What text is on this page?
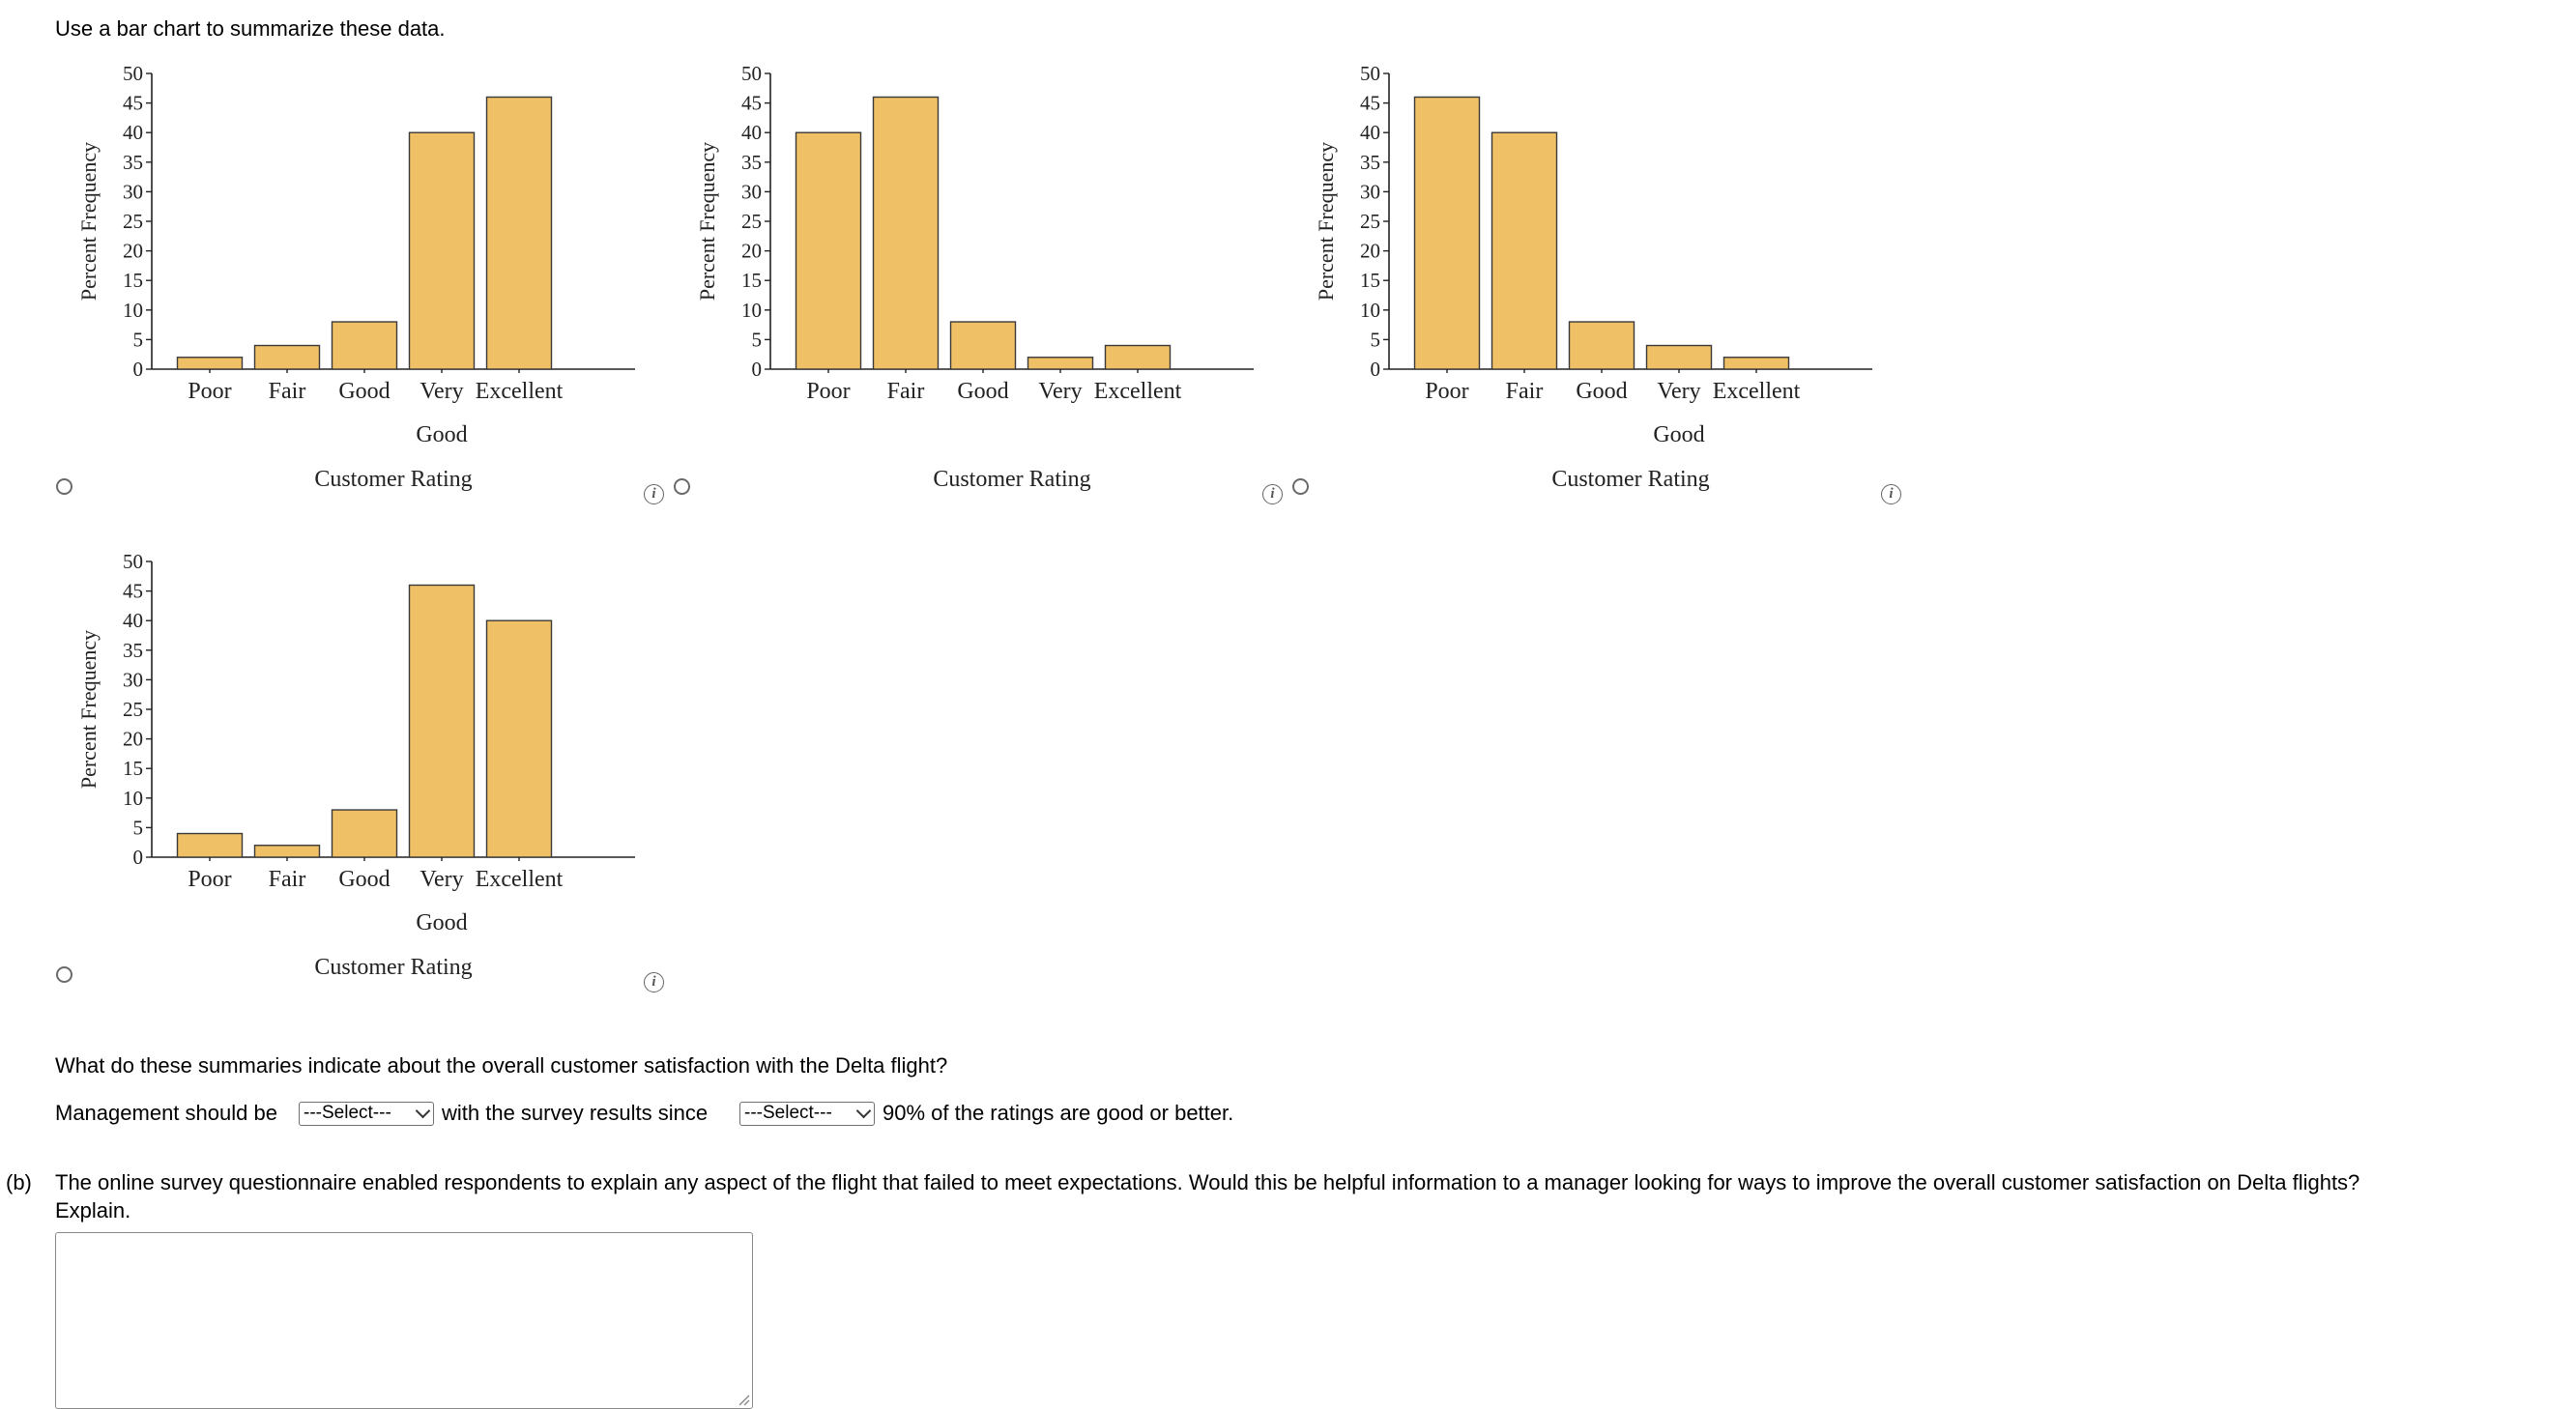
Use a bar chart to summarize these data.
0
5
10
15
20
25
30
35
40
45
50
Percent Frequency
Poor Fair Good Very
Good
Excellent
Customer Rating
0
5
10
15
20
25
30
35
40
45
50
Percent Frequency
Poor Fair Good Very Excellent
Customer Rating
0
5
10
15
20
25
30
35
40
45
50
Percent Frequency
Poor Fair Good Very
Good
Excellent
Customer Rating
0
5
10
15
20
25
30
35
40
45
50
Percent Frequency
Poor Fair Good Very
Good
Excellent
Customer Rating
i	i	i
i
What do these summaries indicate about the overall customer satisfaction with the Delta flight?
Management should be ---Select---	with the survey results since ---Select---	90% of the ratings are good or better.
(b) The online survey questionnaire enabled respondents to explain any aspect of the flight that failed to meet expectations. Would this be helpful information to a manager looking for ways to improve the overall customer satisfaction on Delta flights?
Explain.
